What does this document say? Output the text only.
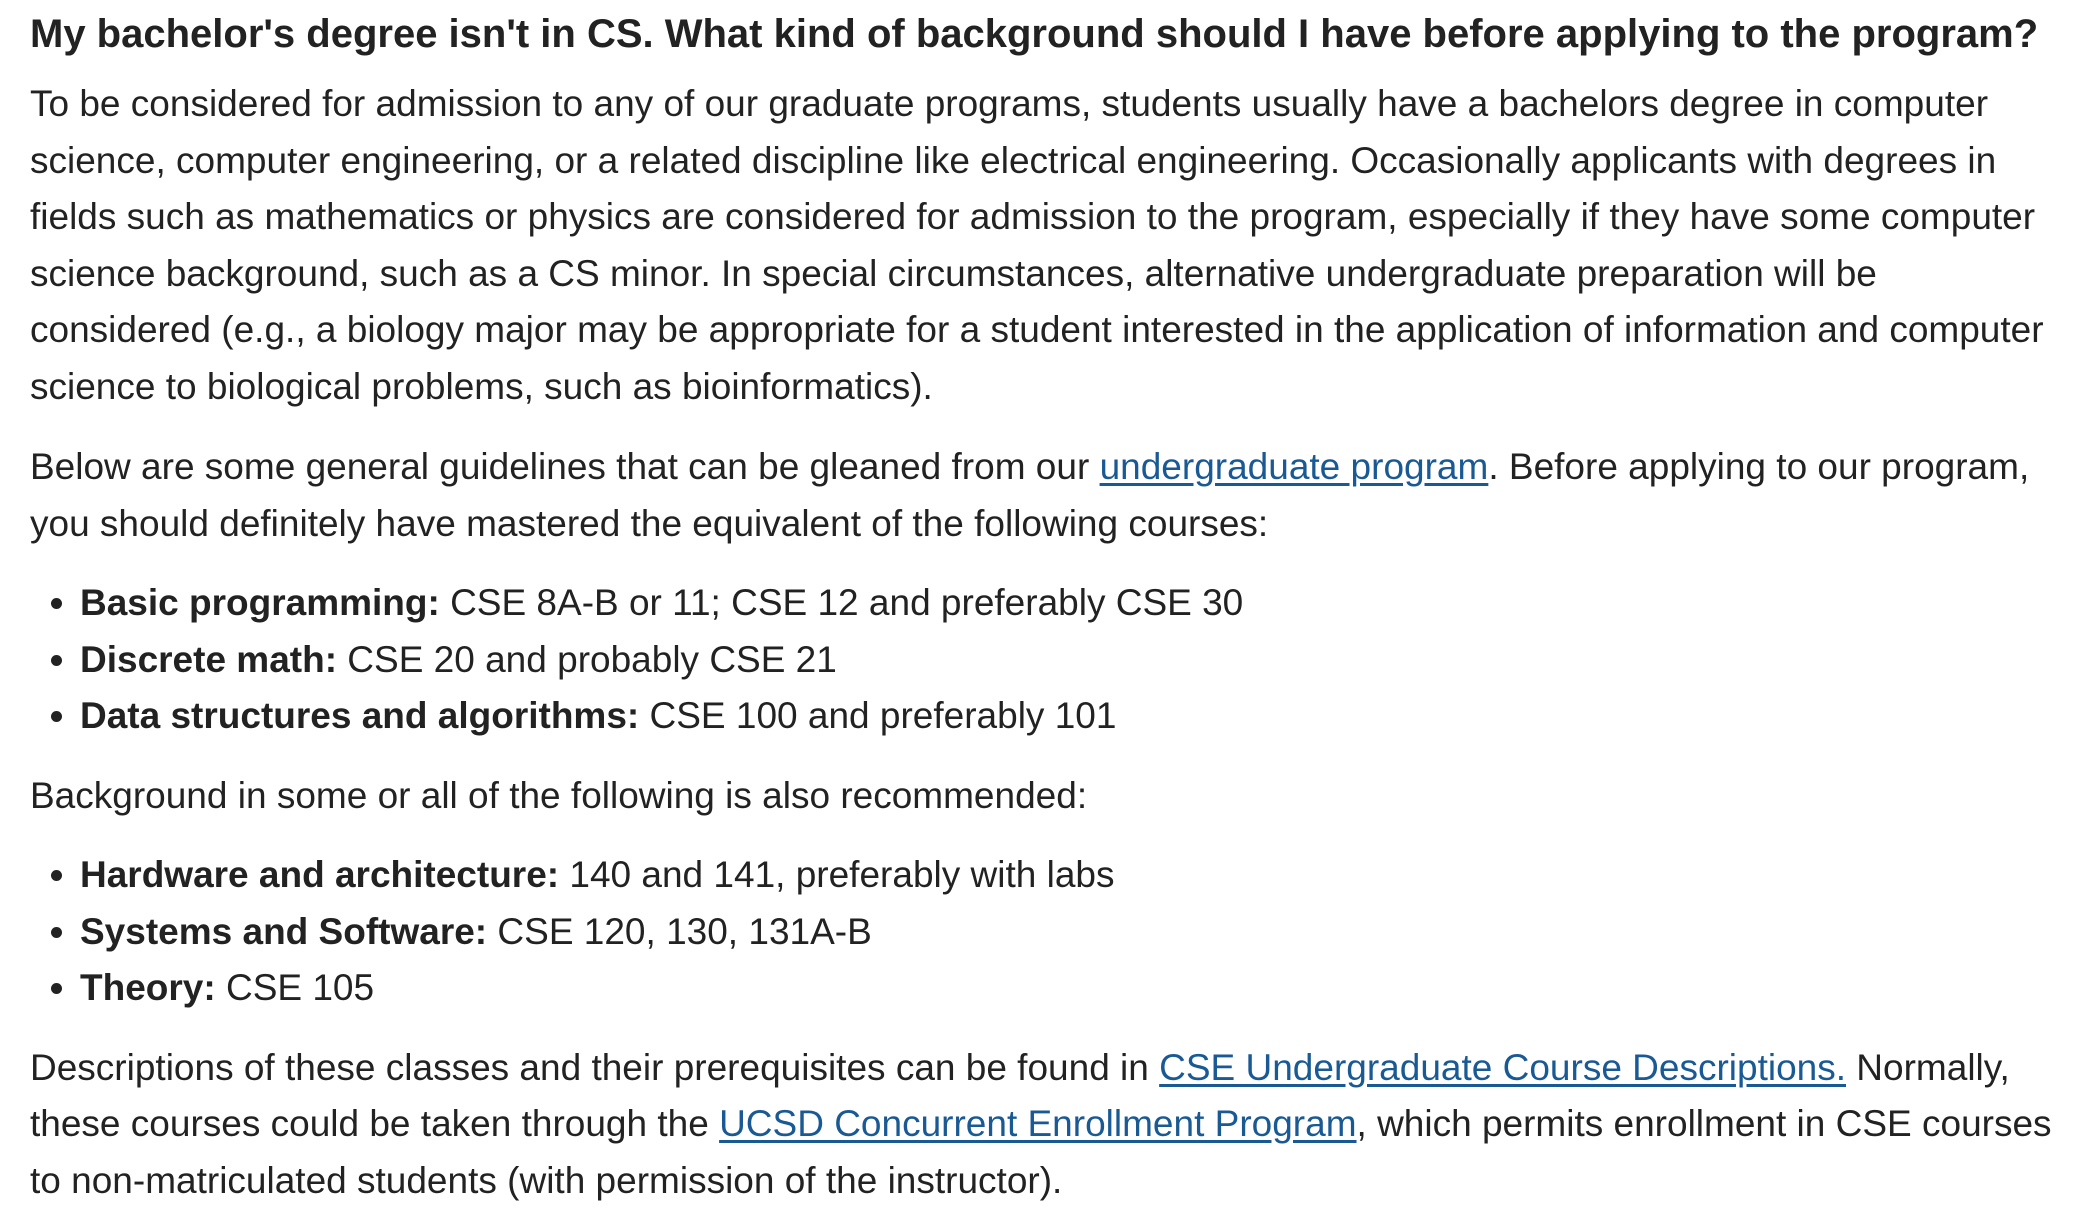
My bachelor's degree isn't in CS. What kind of background should I have before applying to the program?

To be considered for admission to any of our graduate programs, students usually have a bachelors degree in computer science, computer engineering, or a related discipline like electrical engineering. Occasionally applicants with degrees in fields such as mathematics or physics are considered for admission to the program, especially if they have some computer science background, such as a CS minor. In special circumstances, alternative undergraduate preparation will be considered (e.g., a biology major may be appropriate for a student interested in the application of information and computer science to biological problems, such as bioinformatics).

Below are some general guidelines that can be gleaned from our undergraduate program. Before applying to our program, you should definitely have mastered the equivalent of the following courses:

• Basic programming: CSE 8A-B or 11; CSE 12 and preferably CSE 30
• Discrete math: CSE 20 and probably CSE 21
• Data structures and algorithms: CSE 100 and preferably 101

Background in some or all of the following is also recommended:

• Hardware and architecture: 140 and 141, preferably with labs
• Systems and Software: CSE 120, 130, 131A-B
• Theory: CSE 105

Descriptions of these classes and their prerequisites can be found in CSE Undergraduate Course Descriptions. Normally, these courses could be taken through the UCSD Concurrent Enrollment Program, which permits enrollment in CSE courses to non-matriculated students (with permission of the instructor).
